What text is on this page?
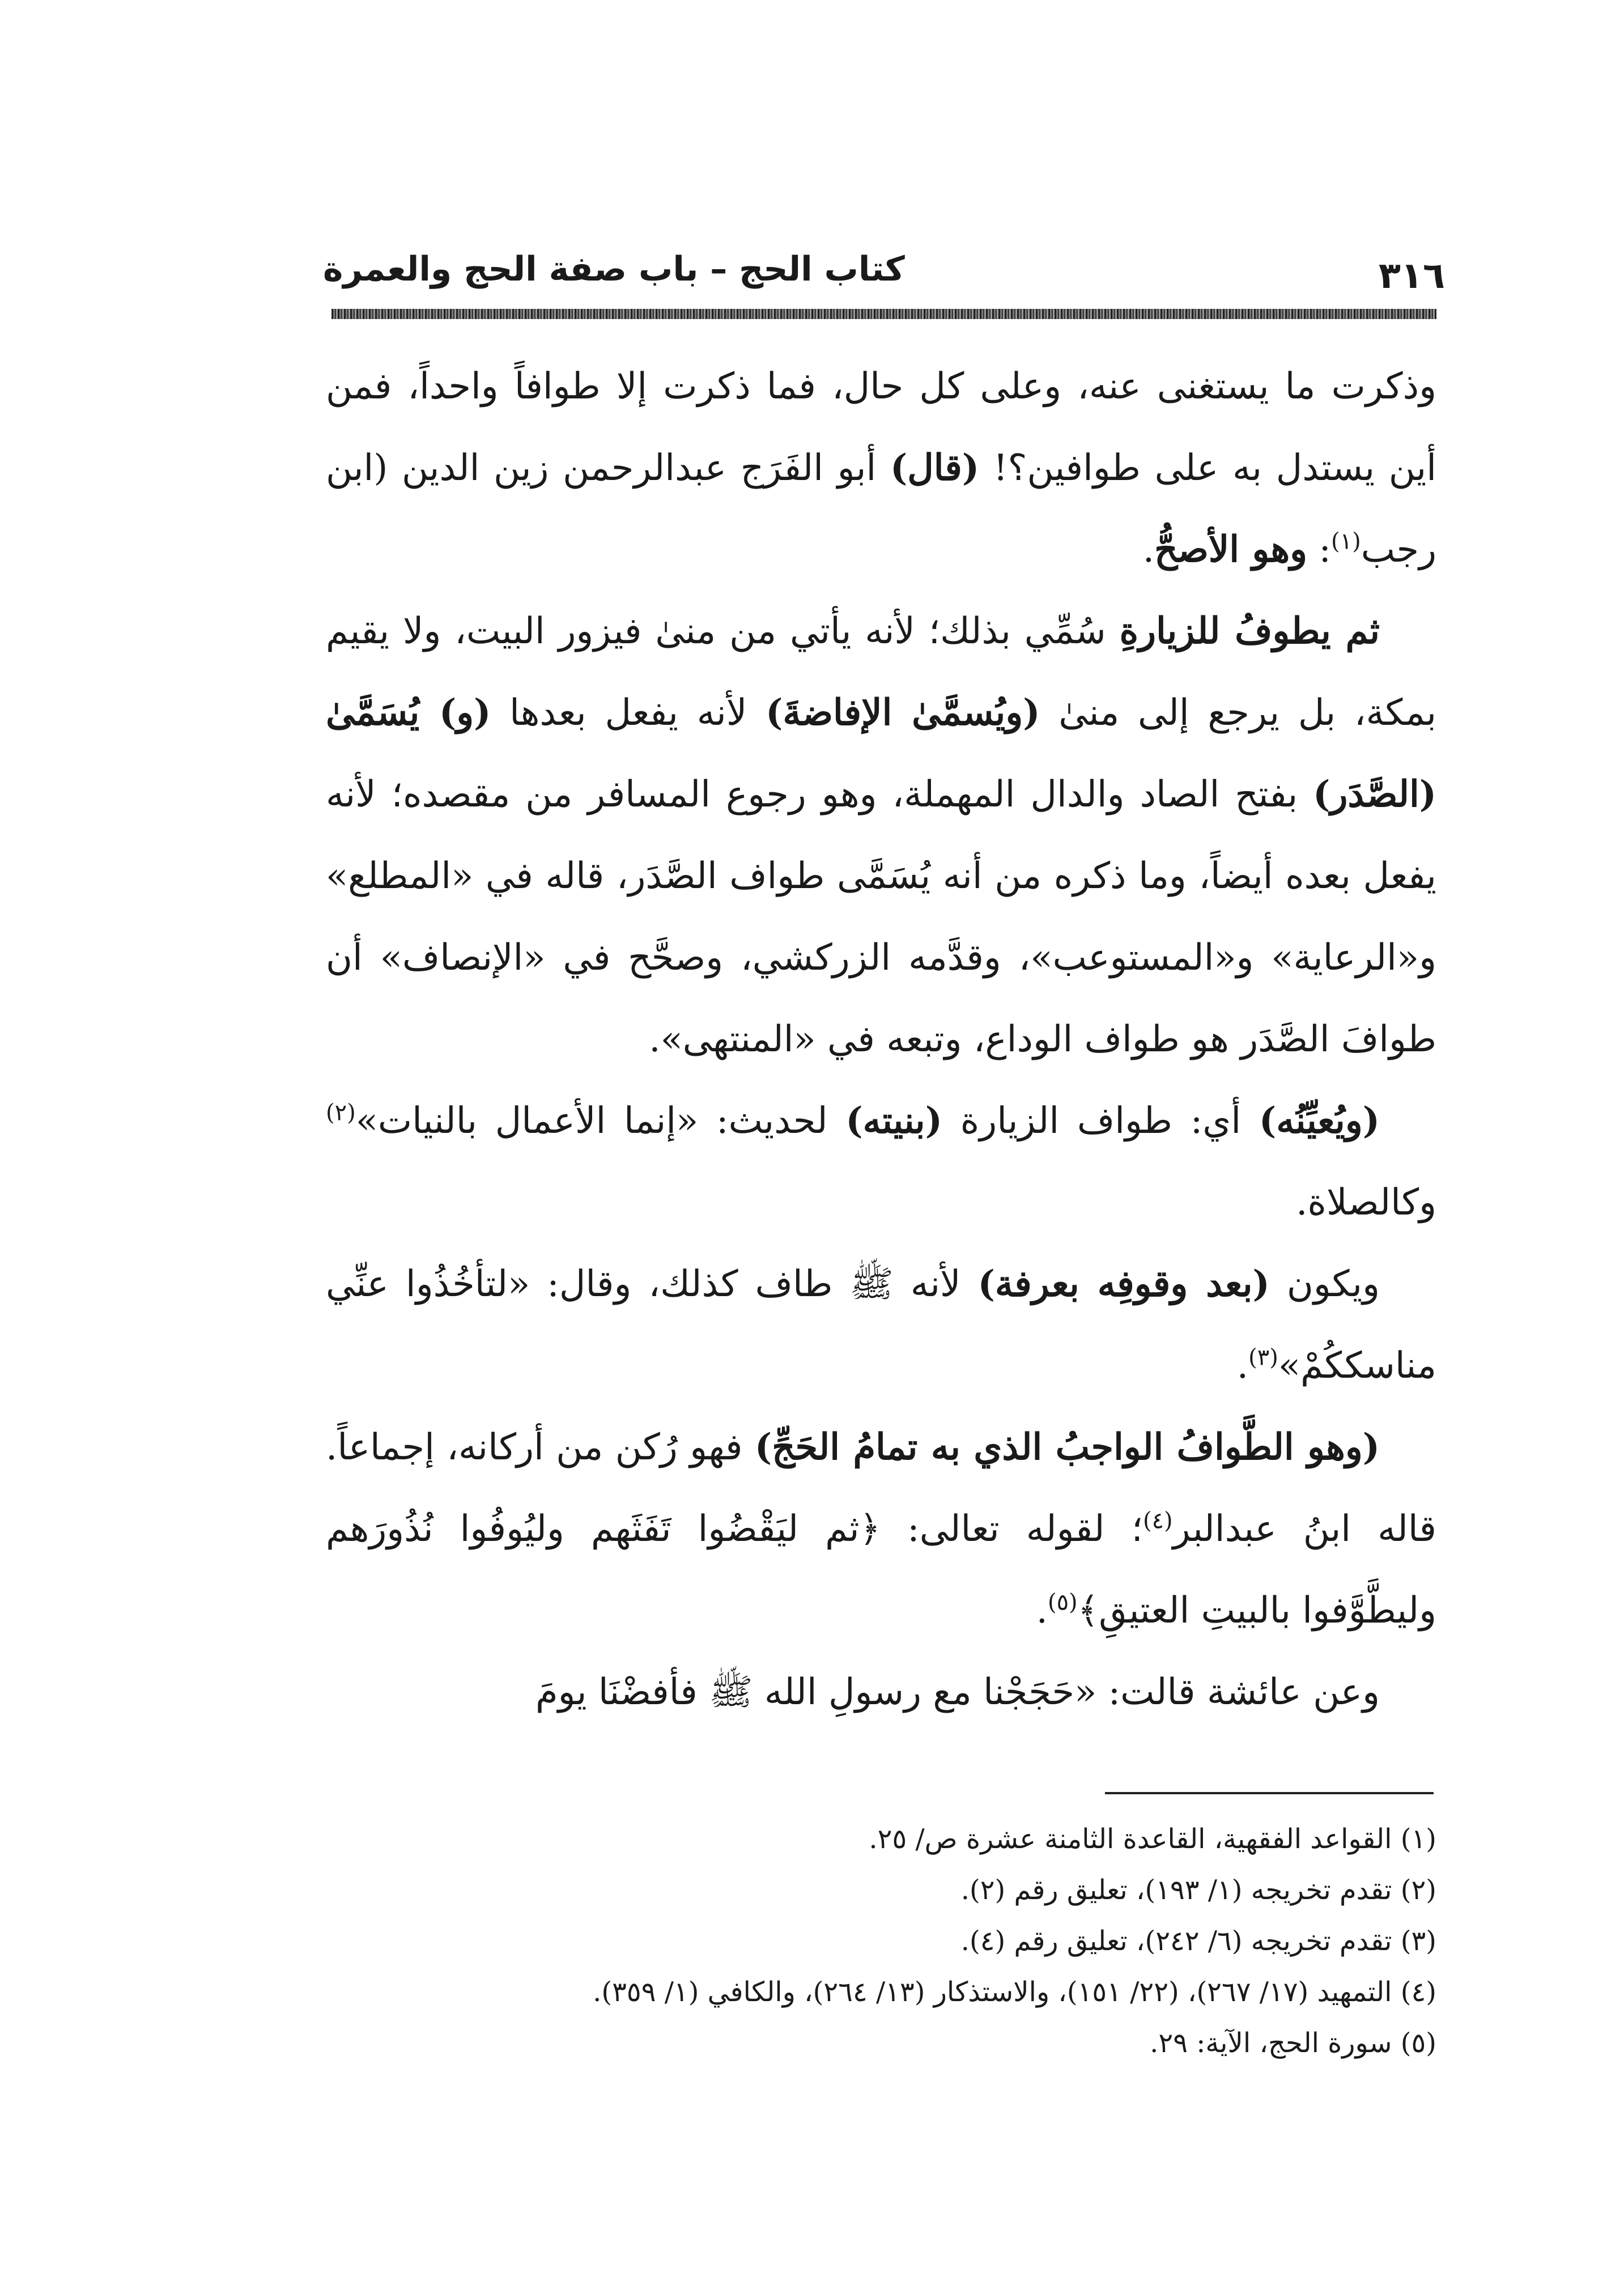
٣١٦
كتاب الحج – باب صفة الحج والعمرة

وذكرت ما يستغنى عنه، وعلى كل حال، فما ذكرت إلا طوافاً واحداً، فمن أين يستدل به على طوافين؟! (قال) أبو الفَرَج عبدالرحمن زين الدين (ابن رجب$^{(١)}$: وهو الأصحُّ.

ثم يطوفُ للزيارةِ سُمِّي بذلك؛ لأنه يأتي من منىٰ فيزور البيت، ولا يقيم بمكة، بل يرجع إلى منىٰ (ويُسمَّىٰ الإفاضةَ) لأنه يفعل بعدها (و) يُسَمَّىٰ (الصَّدَر) بفتح الصاد والدال المهملة، وهو رجوع المسافر من مقصده؛ لأنه يفعل بعده أيضاً، وما ذكره من أنه يُسَمَّى طواف الصَّدَر، قاله في «المطلع» و«الرعاية» و«المستوعب»، وقدَّمه الزركشي، وصحَّح في «الإنصاف» أن طوافَ الصَّدَر هو طواف الوداع، وتبعه في «المنتهى».

(ويُعيِّنُه) أي: طواف الزيارة (بنيته) لحديث: «إنما الأعمال بالنيات»$^{(٢)}$ وكالصلاة.

ويكون (بعد وقوفِه بعرفة) لأنه ﷺ طاف كذلك، وقال: «لتأخُذُوا عنِّي مناسككُمْ»$^{(٣)}$.

(وهو الطَّوافُ الواجبُ الذي به تمامُ الحَجِّ) فهو رُكن من أركانه، إجماعاً. قاله ابنُ عبدالبر$^{(٤)}$؛ لقوله تعالى: ﴿ثم ليَقْضُوا تَفَثَهم وليُوفُوا نُذُورَهم وليطَّوَّفوا بالبيتِ العتيقِ﴾$^{(٥)}$.

وعن عائشة قالت: «حَجَجْنا مع رسولِ الله ﷺ فأفضْنَا يومَ

(١) القواعد الفقهية، القاعدة الثامنة عشرة ص/ ٢٥.
(٢) تقدم تخريجه (١/ ١٩٣)، تعليق رقم (٢).
(٣) تقدم تخريجه (٦/ ٢٤٢)، تعليق رقم (٤).
(٤) التمهيد (١٧/ ٢٦٧)، (٢٢/ ١٥١)، والاستذكار (١٣/ ٢٦٤)، والكافي (١/ ٣٥٩).
(٥) سورة الحج، الآية: ٢٩.
